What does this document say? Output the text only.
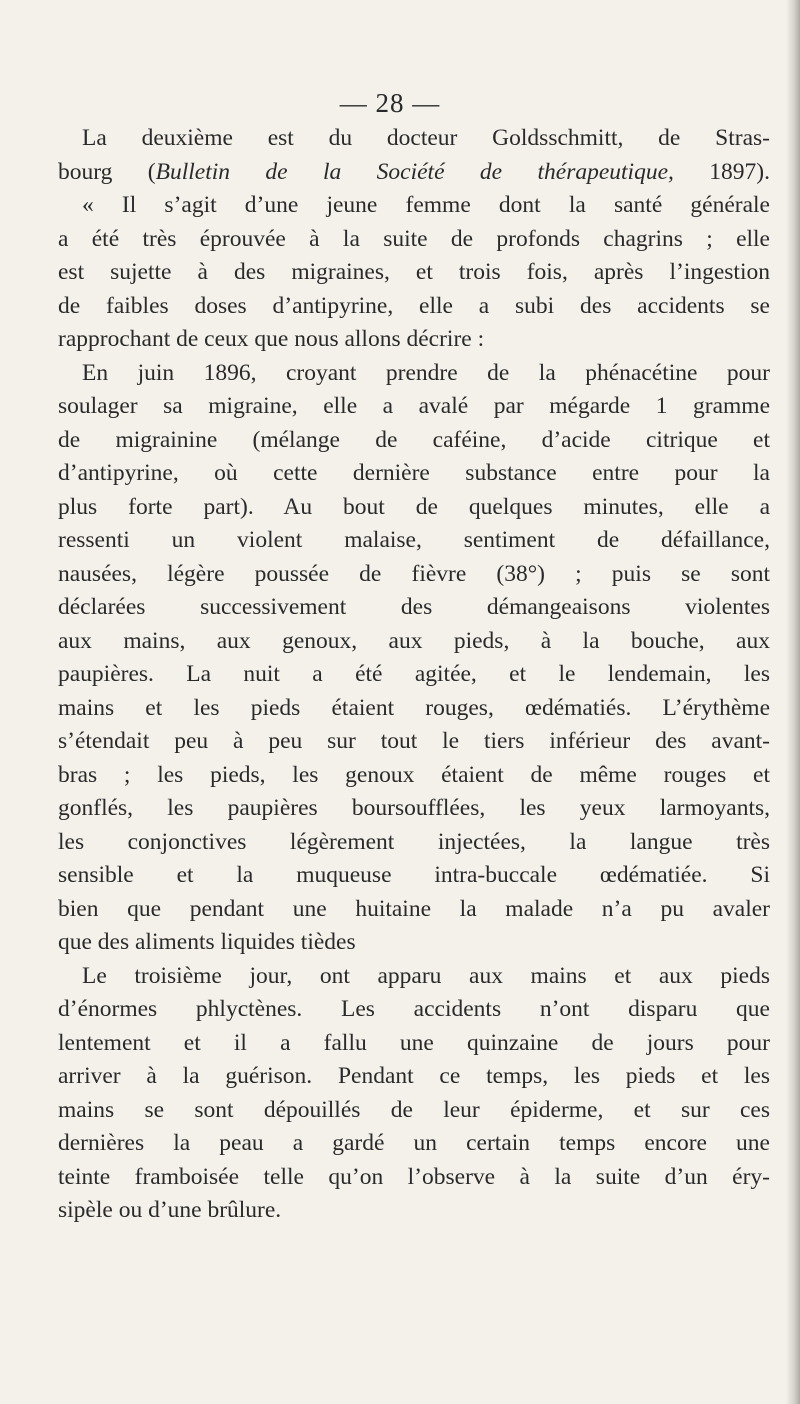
— 28 —
La deuxième est du docteur Goldsschmitt, de Stras-
bourg (Bulletin de la Société de thérapeutique, 1897).
« Il s’agit d’une jeune femme dont la santé générale
a été très éprouvée à la suite de profonds chagrins ; elle
est sujette à des migraines, et trois fois, après l’ingestion
de faibles doses d’antipyrine, elle a subi des accidents se
rapprochant de ceux que nous allons décrire :
En juin 1896, croyant prendre de la phénacétine pour
soulager sa migraine, elle a avalé par mégarde 1 gramme
de migrainine (mélange de caféine, d’acide citrique et
d’antipyrine, où cette dernière substance entre pour la
plus forte part). Au bout de quelques minutes, elle a
ressenti un violent malaise, sentiment de défaillance,
nausées, légère poussée de fièvre (38°) ; puis se sont
déclarées successivement des démangeaisons violentes
aux mains, aux genoux, aux pieds, à la bouche, aux
paupières. La nuit a été agitée, et le lendemain, les
mains et les pieds étaient rouges, œdématiés. L’érythème
s’étendait peu à peu sur tout le tiers inférieur des avant-
bras ; les pieds, les genoux étaient de même rouges et
gonflés, les paupières boursoufflées, les yeux larmoyants,
les conjonctives légèrement injectées, la langue très
sensible et la muqueuse intra-buccale œdématiée. Si
bien que pendant une huitaine la malade n’a pu avaler
que des aliments liquides tièdes
Le troisième jour, ont apparu aux mains et aux pieds
d’énormes phlyctènes. Les accidents n’ont disparu que
lentement et il a fallu une quinzaine de jours pour
arriver à la guérison. Pendant ce temps, les pieds et les
mains se sont dépouillés de leur épiderme, et sur ces
dernières la peau a gardé un certain temps encore une
teinte framboisée telle qu’on l’observe à la suite d’un éry-
sipèle ou d’une brûlure.
